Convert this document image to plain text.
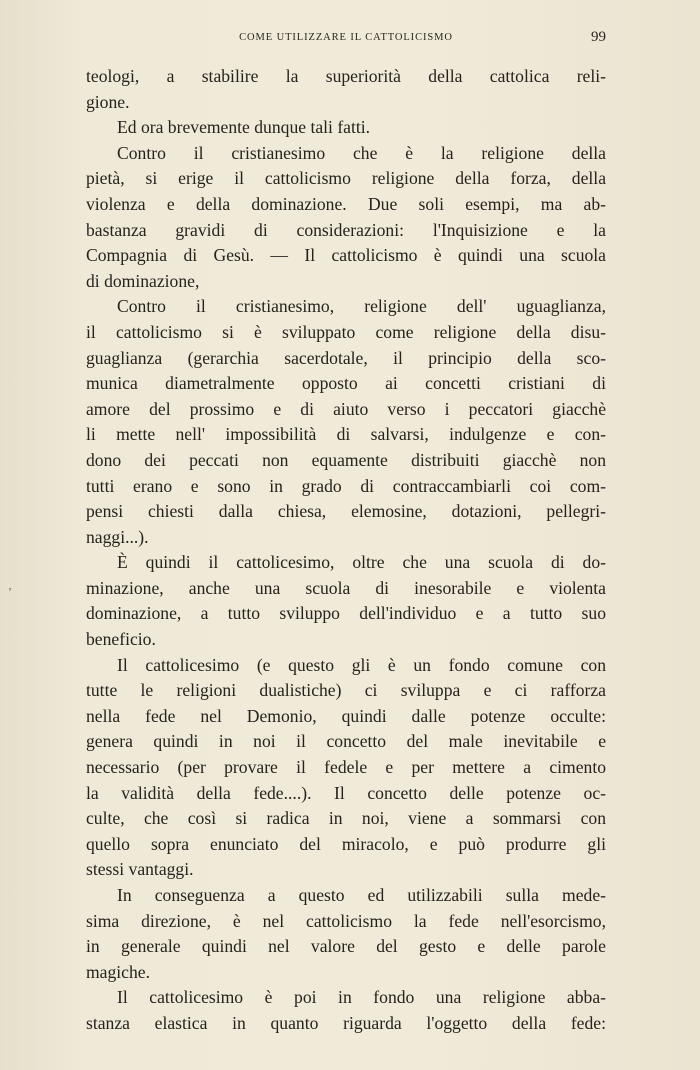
COME UTILIZZARE IL CATTOLICISMO	99
‚
teologi, a stabilire la superiorità della cattolica reli-
gione.
Ed ora brevemente dunque tali fatti.
Contro il cristianesimo che è la religione della
pietà, si erige il cattolicismo religione della forza, della
violenza e della dominazione. Due soli esempi, ma ab-
bastanza gravidi di considerazioni: l'Inquisizione e la
Compagnia di Gesù. — Il cattolicismo è quindi una scuola
di dominazione,
Contro il cristianesimo, religione dell' uguaglianza,
il cattolicismo si è sviluppato come religione della disu-
guaglianza (gerarchia sacerdotale, il principio della sco-
munica diametralmente opposto ai concetti cristiani di
amore del prossimo e di aiuto verso i peccatori giacchè
li mette nell' impossibilità di salvarsi, indulgenze e con-
dono dei peccati non equamente distribuiti giacchè non
tutti erano e sono in grado di contraccambiarli coi com-
pensi chiesti dalla chiesa, elemosine, dotazioni, pellegri-
naggi...).
È quindi il cattolicesimo, oltre che una scuola di do-
minazione, anche una scuola di inesorabile e violenta
dominazione, a tutto sviluppo dell'individuo e a tutto suo
beneficio.
Il cattolicesimo (e questo gli è un fondo comune con
tutte le religioni dualistiche) ci sviluppa e ci rafforza
nella fede nel Demonio, quindi dalle potenze occulte:
genera quindi in noi il concetto del male inevitabile e
necessario (per provare il fedele e per mettere a cimento
la validità della fede....). Il concetto delle potenze oc-
culte, che così si radica in noi, viene a sommarsi con
quello sopra enunciato del miracolo, e può produrre gli
stessi vantaggi.
In conseguenza a questo ed utilizzabili sulla mede-
sima direzione, è nel cattolicismo la fede nell'esorcismo,
in generale quindi nel valore del gesto e delle parole
magiche.
Il cattolicesimo è poi in fondo una religione abba-
stanza elastica in quanto riguarda l'oggetto della fede:
